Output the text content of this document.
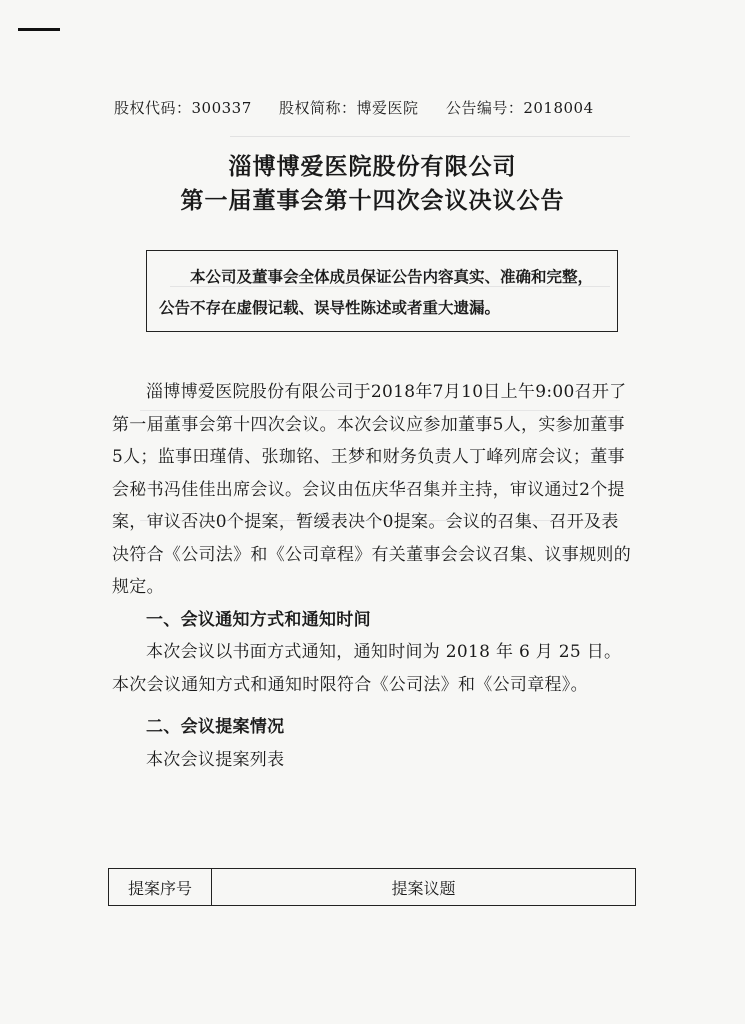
股权代码：300337 股权简称：博爱医院 公告编号：2018004
淄博博爱医院股份有限公司
第一届董事会第十四次会议决议公告
本公司及董事会全体成员保证公告内容真实、准确和完整，
公告不存在虚假记载、误导性陈述或者重大遗漏。

淄博博爱医院股份有限公司于2018年7月10日上午9:00召开了第一届董事会第十四次会议。本次会议应参加董事5人，实参加董事5人；监事田瑾倩、张珈铭、王梦和财务负责人丁峰列席会议；董事会秘书冯佳佳出席会议。会议由伍庆华召集并主持，审议通过2个提案，审议否决0个提案，暂缓表决个0提案。会议的召集、召开及表决符合《公司法》和《公司章程》有关董事会会议召集、议事规则的规定。

一、会议通知方式和通知时间

本次会议以书面方式通知，通知时间为 2018 年 6 月 25 日。本次会议通知方式和通知时限符合《公司法》和《公司章程》。

二、会议提案情况

本次会议提案列表

提案序号	提案议题
